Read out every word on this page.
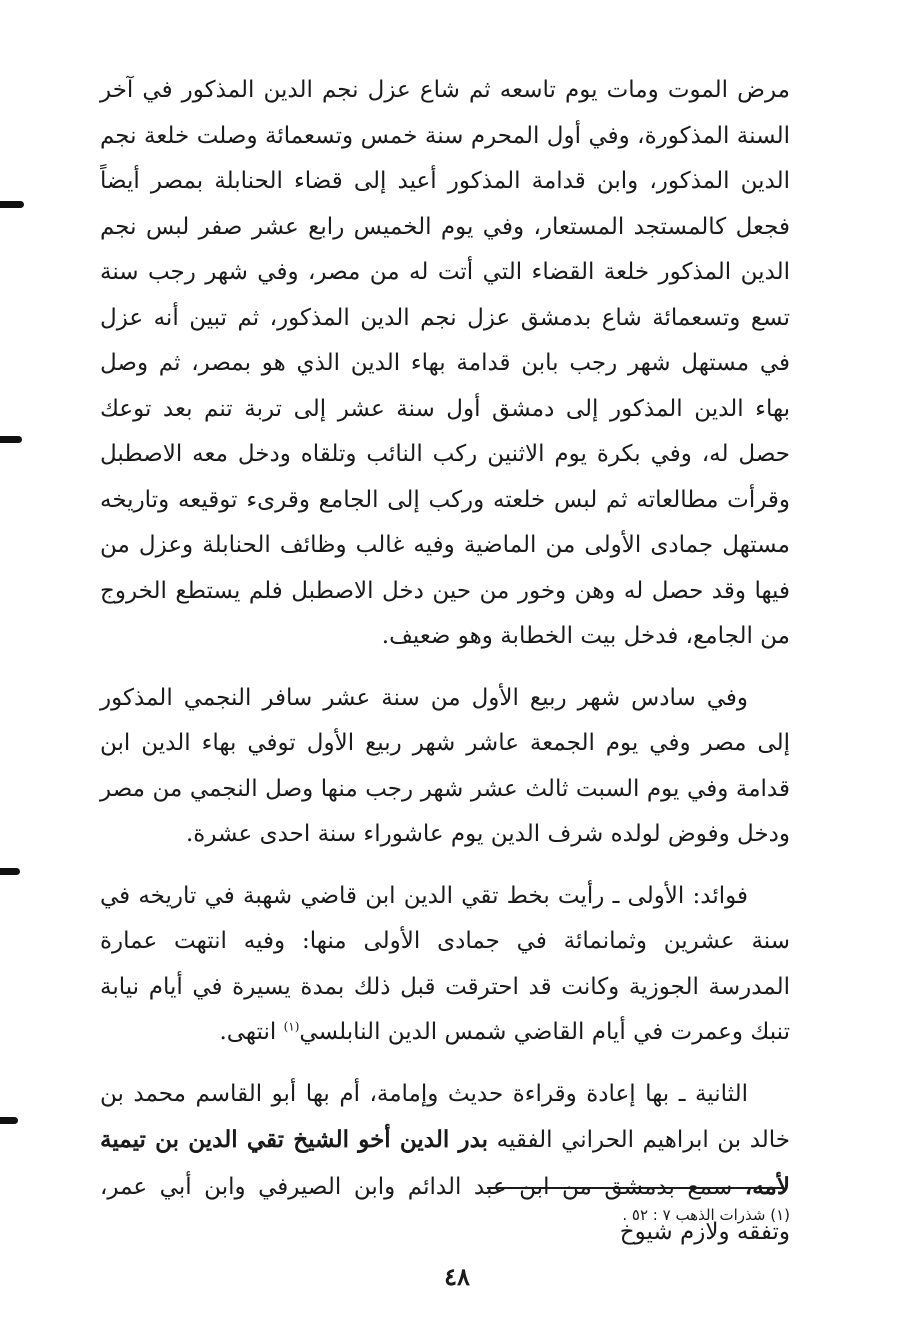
مرض الموت ومات يوم تاسعه ثم شاع عزل نجم الدين المذكور في آخر السنة المذكورة، وفي أول المحرم سنة خمس وتسعمائة وصلت خلعة نجم الدين المذكور، وابن قدامة المذكور أعيد إلى قضاء الحنابلة بمصر أيضاً فجعل كالمستجد المستعار، وفي يوم الخميس رابع عشر صفر لبس نجم الدين المذكور خلعة القضاء التي أتت له من مصر، وفي شهر رجب سنة تسع وتسعمائة شاع بدمشق عزل نجم الدين المذكور، ثم تبين أنه عزل في مستهل شهر رجب بابن قدامة بهاء الدين الذي هو بمصر، ثم وصل بهاء الدين المذكور إلى دمشق أول سنة عشر إلى تربة تنم بعد توعك حصل له، وفي بكرة يوم الاثنين ركب النائب وتلقاه ودخل معه الاصطبل وقرأت مطالعاته ثم لبس خلعته وركب إلى الجامع وقرىء توقيعه وتاريخه مستهل جمادى الأولى من الماضية وفيه غالب وظائف الحنابلة وعزل من فيها وقد حصل له وهن وخور من حين دخل الاصطبل فلم يستطع الخروج من الجامع، فدخل بيت الخطابة وهو ضعيف.

وفي سادس شهر ربيع الأول من سنة عشر سافر النجمي المذكور إلى مصر وفي يوم الجمعة عاشر شهر ربيع الأول توفي بهاء الدين ابن قدامة وفي يوم السبت ثالث عشر شهر رجب منها وصل النجمي من مصر ودخل وفوض لولده شرف الدين يوم عاشوراء سنة احدى عشرة.

فوائد: الأولى ـ رأيت بخط تقي الدين ابن قاضي شهبة في تاريخه في سنة عشرين وثمانمائة في جمادى الأولى منها: وفيه انتهت عمارة المدرسة الجوزية وكانت قد احترقت قبل ذلك بمدة يسيرة في أيام نيابة تنبك وعمرت في أيام القاضي شمس الدين النابلسي$^{(١)}$ انتهى.

الثانية ـ بها إعادة وقراءة حديث وإمامة، أم بها أبو القاسم محمد بن خالد بن ابراهيم الحراني الفقيه بدر الدين أخو الشيخ تقي الدين بن تيمية لأمه، سمع بدمشق من ابن عبد الدائم وابن الصيرفي وابن أبي عمر، وتفقه ولازم شيوخ

(١) شذرات الذهب ٧ : ٥٢ .
٤٨
